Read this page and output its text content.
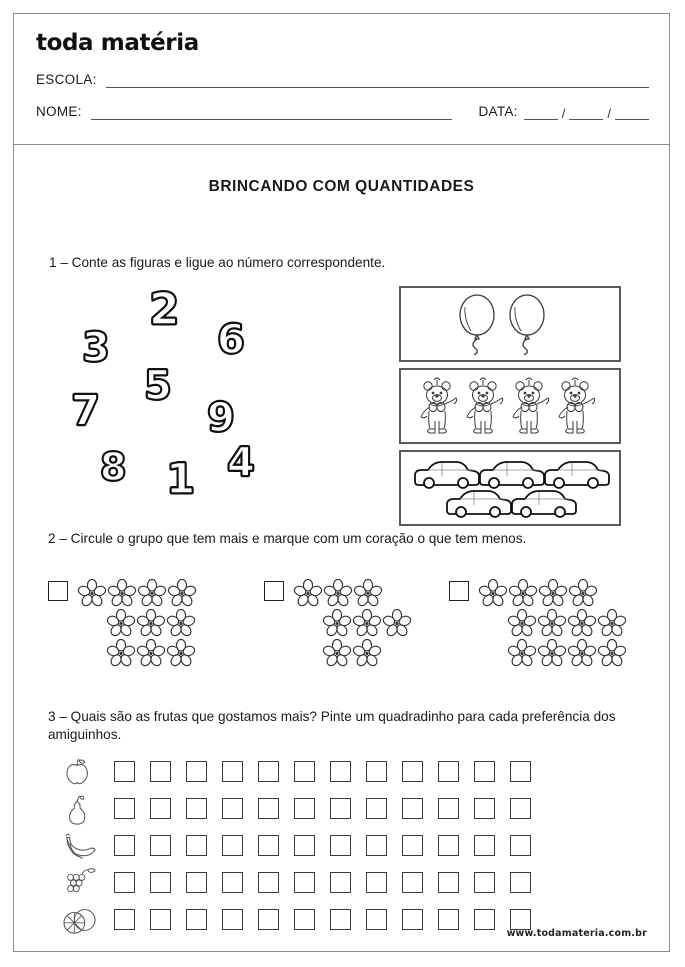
toda matéria
ESCOLA:
NOME:	DATA:	/	/
BRINCANDO COM QUANTIDADES

1 – Conte as figuras e ligue ao número correspondente.

3
2
6
5
7	9
8 1 4

2 – Circule o grupo que tem mais e marque com um coração o que tem menos.

3 – Quais são as frutas que gostamos mais? Pinte um quadradinho para cada preferência dos amiguinhos.

www.todamateria.com.br
